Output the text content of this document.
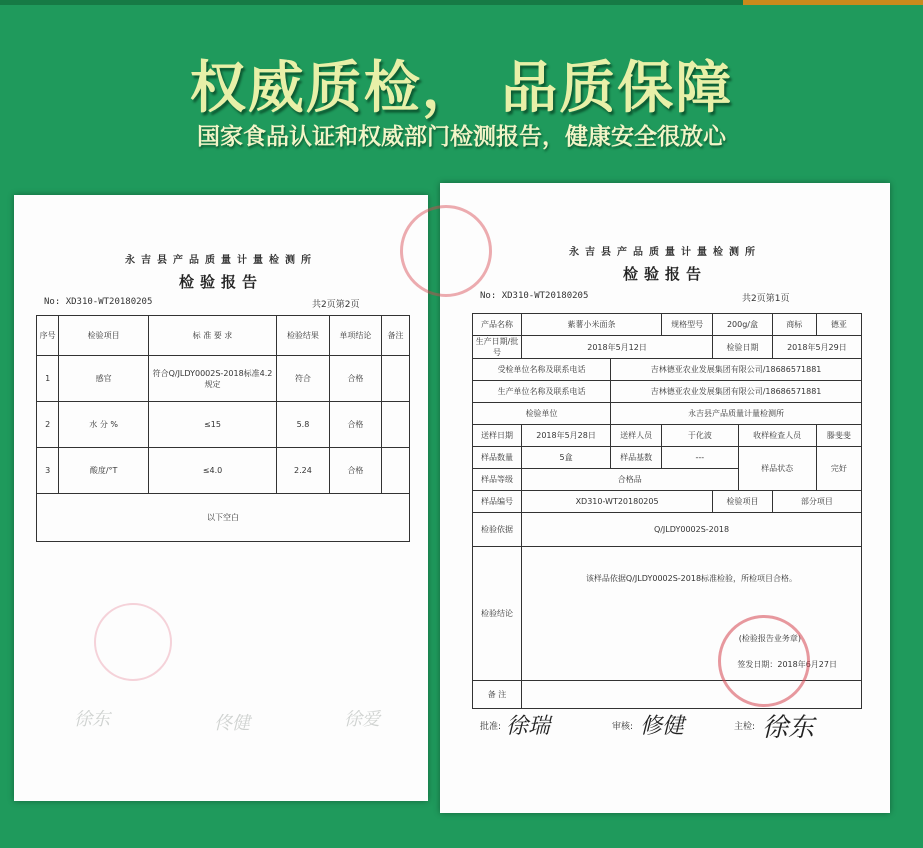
权威质检， 品质保障
国家食品认证和权威部门检测报告，健康安全很放心
永吉县产品质量计量检测所
检验报告
No: XD310-WT20180205	共2页第2页
序号	检验项目	标 准 要 求	检验结果	单项结论	备注
1	感官	符合Q/JLDY0002S-2018标准4.2规定	符合	合格	
2	水 分 %	≤15	5.8	合格	
3	酸度/°T	≤4.0	2.24	合格	
以下空白					
徐东	佟健	徐爱
永吉县产品质量计量检测所
检验报告
No: XD310-WT20180205	共2页第1页
产品名称	紫薯小米面条		规格型号	200g/盒		商标	德亚
生产日期/批号	2018年5月12日			检验日期		2018年5月29日	
受检单位名称及联系电话		吉林德亚农业发展集团有限公司/18686571881					
生产单位名称及联系电话		吉林德亚农业发展集团有限公司/18686571881					
检验单位		永吉县产品质量计量检测所					
送样日期	2018年5月28日	送样人员	于化波		收样检查人员		滕斐斐
样品数量	5盒	样品基数	---		样品状态		完好
样品等级	合格品						
样品编号	XD310-WT20180205			检验项目		部分项目	
检验依据	Q/JLDY0002S-2018						
检验结论	该样品依据Q/JLDY0002S-2018标准检验，所检项目合格。
(检验报告业务章)
签发日期：2018年6月27日						

备 注							
批准: 徐瑞	审核: 修健	主检: 徐东
